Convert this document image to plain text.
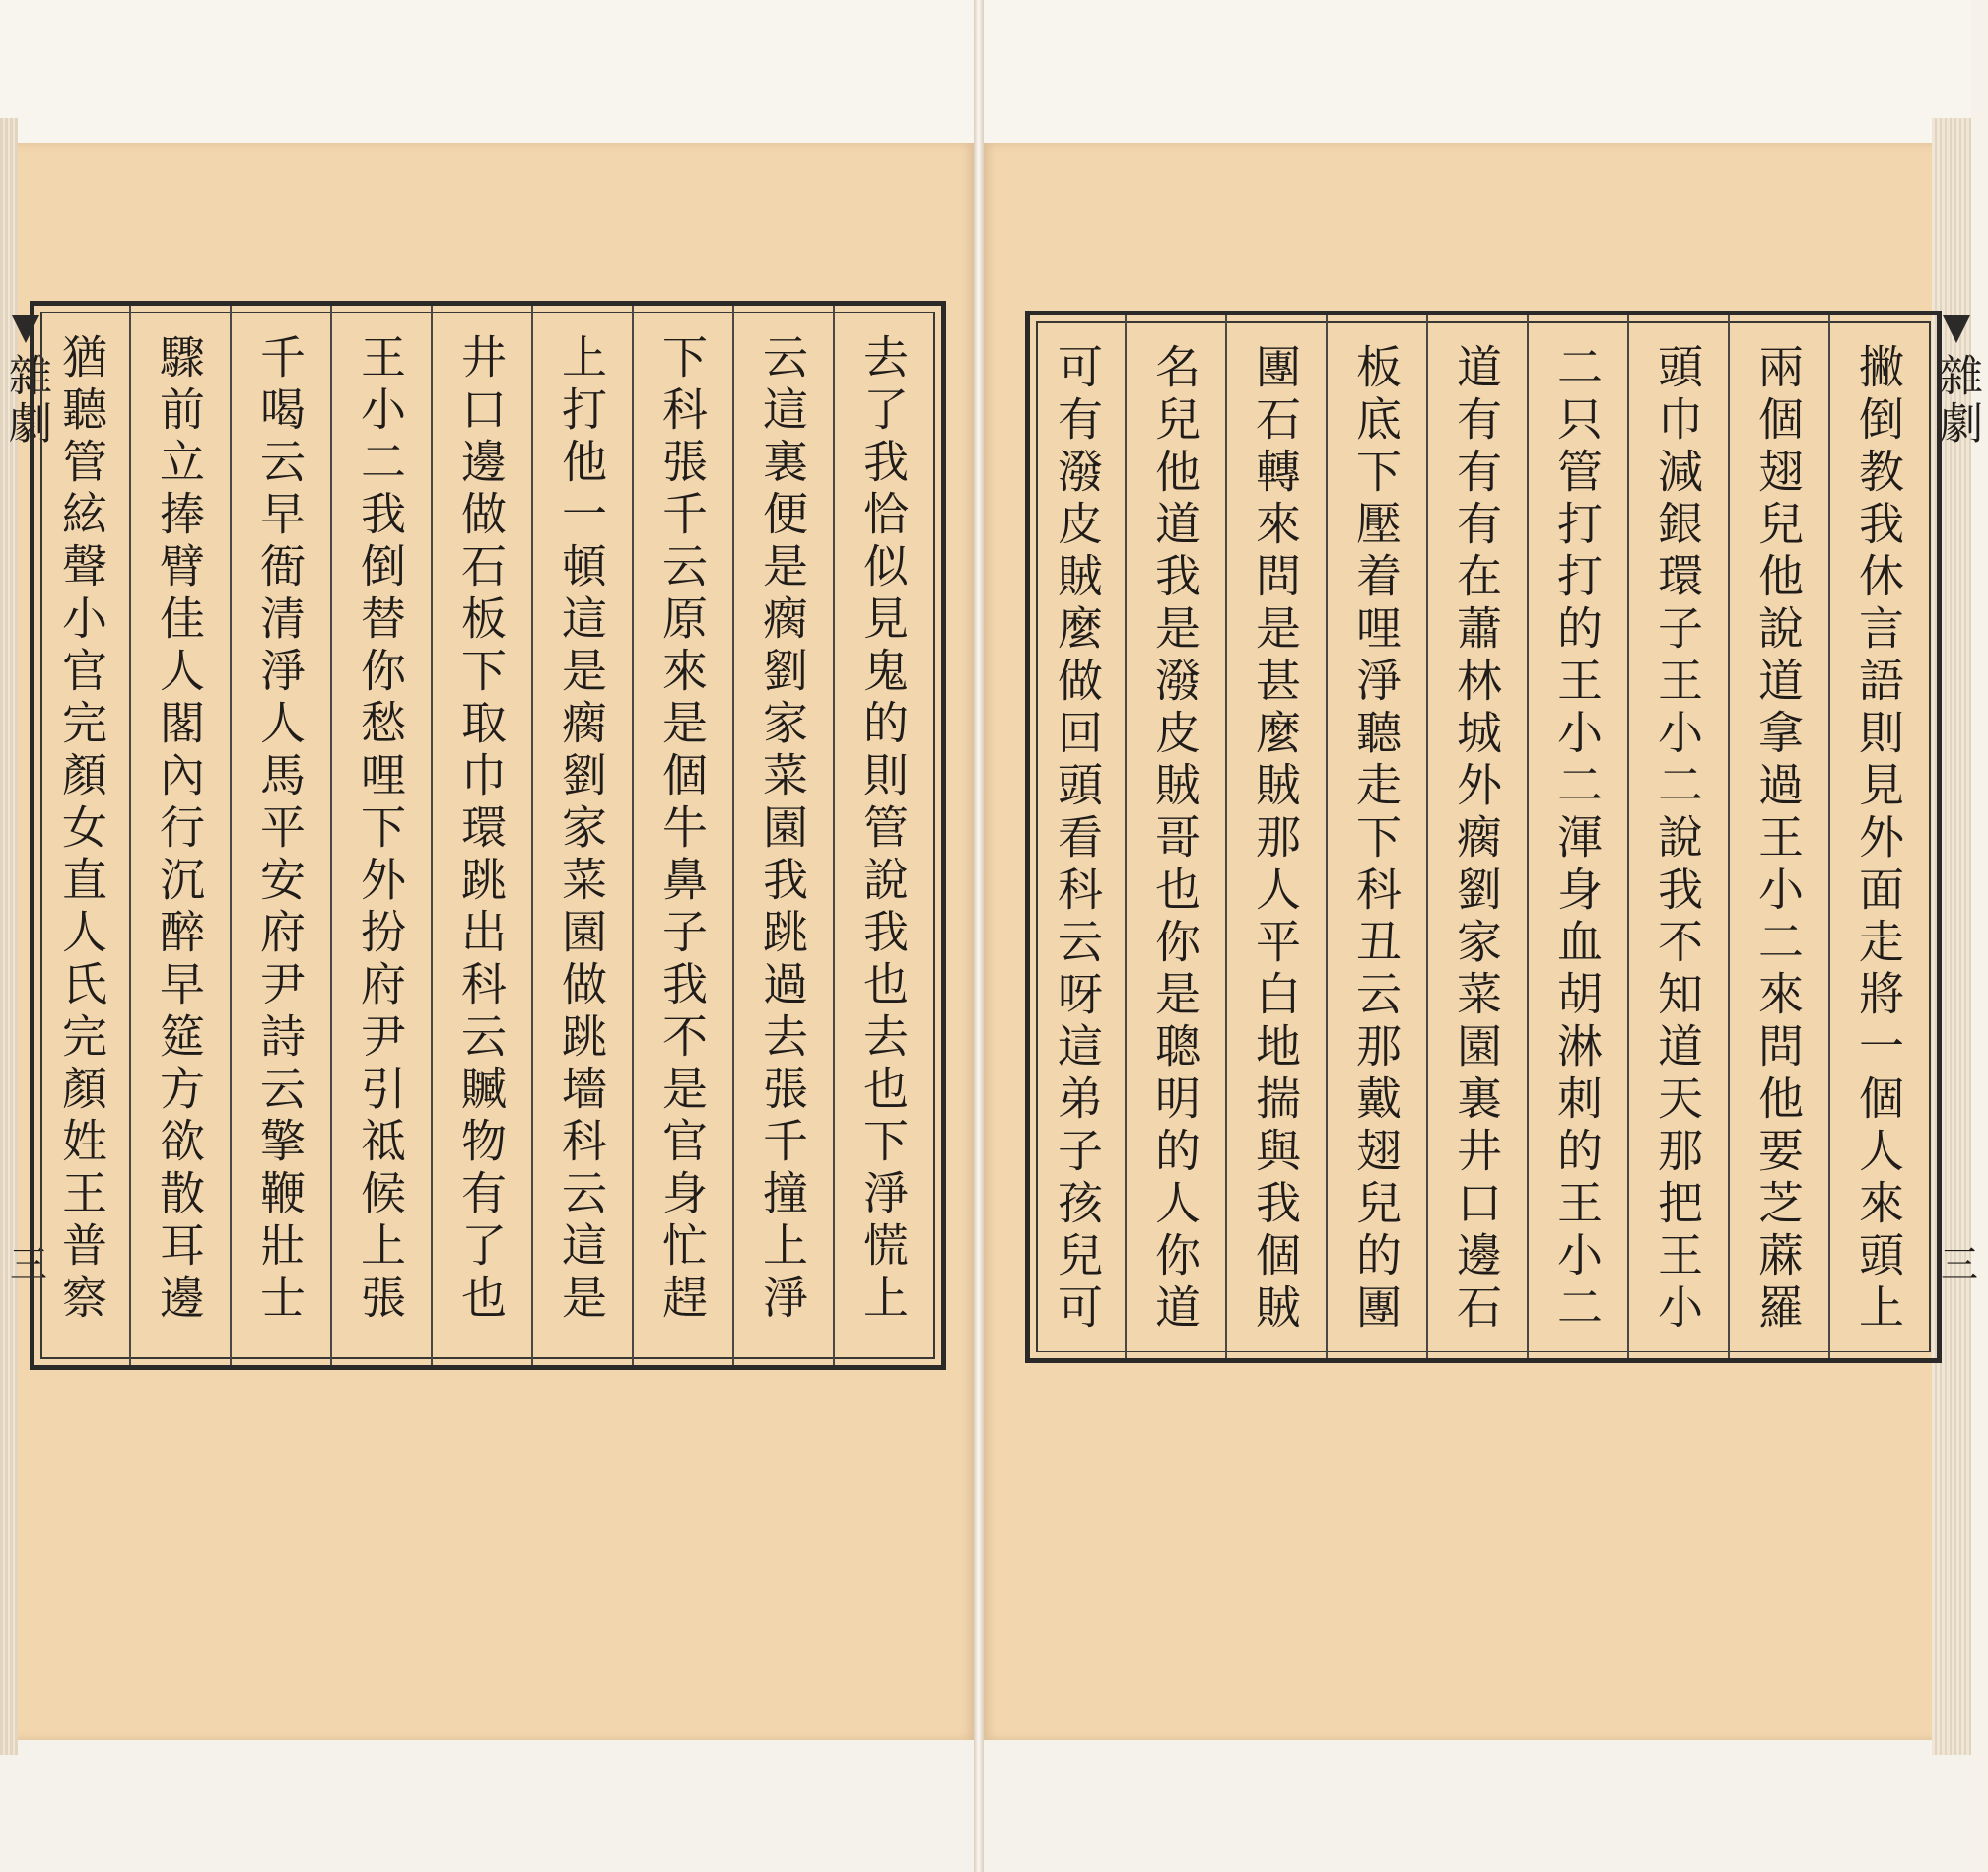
雜劇
三
撇倒教我休言語則見外面走將一個人來頭上
兩個翅兒他說道拿過王小二來問他要芝蔴羅
頭巾減銀環子王小二說我不知道天那把王小
二只管打打的王小二渾身血胡淋刺的王小二
道有有有在蕭林城外瘸劉家菜園裏井口邊石
板底下壓着哩淨聽走下科丑云那戴翅兒的團
團石轉來問是甚麼賊那人平白地揣與我個賊
名兒他道我是潑皮賊哥也你是聰明的人你道
可有潑皮賊麼做回頭看科云呀這弟子孩兒可
雜劇
三	去了我恰似見鬼的則管說我也去也下淨慌上
云這裏便是瘸劉家菜園我跳過去張千撞上淨
下科張千云原來是個牛鼻子我不是官身忙趕
上打他一頓這是瘸劉家菜園做跳墻科云這是
井口邊做石板下取巾環跳出科云贓物有了也
王小二我倒替你愁哩下外扮府尹引祗候上張
千喝云早衙清淨人馬平安府尹詩云擎鞭壯士
驟前立捧臂佳人閣內行沉醉早筵方欲散耳邊
猶聽管絃聲小官完顏女直人氏完顏姓王普察
